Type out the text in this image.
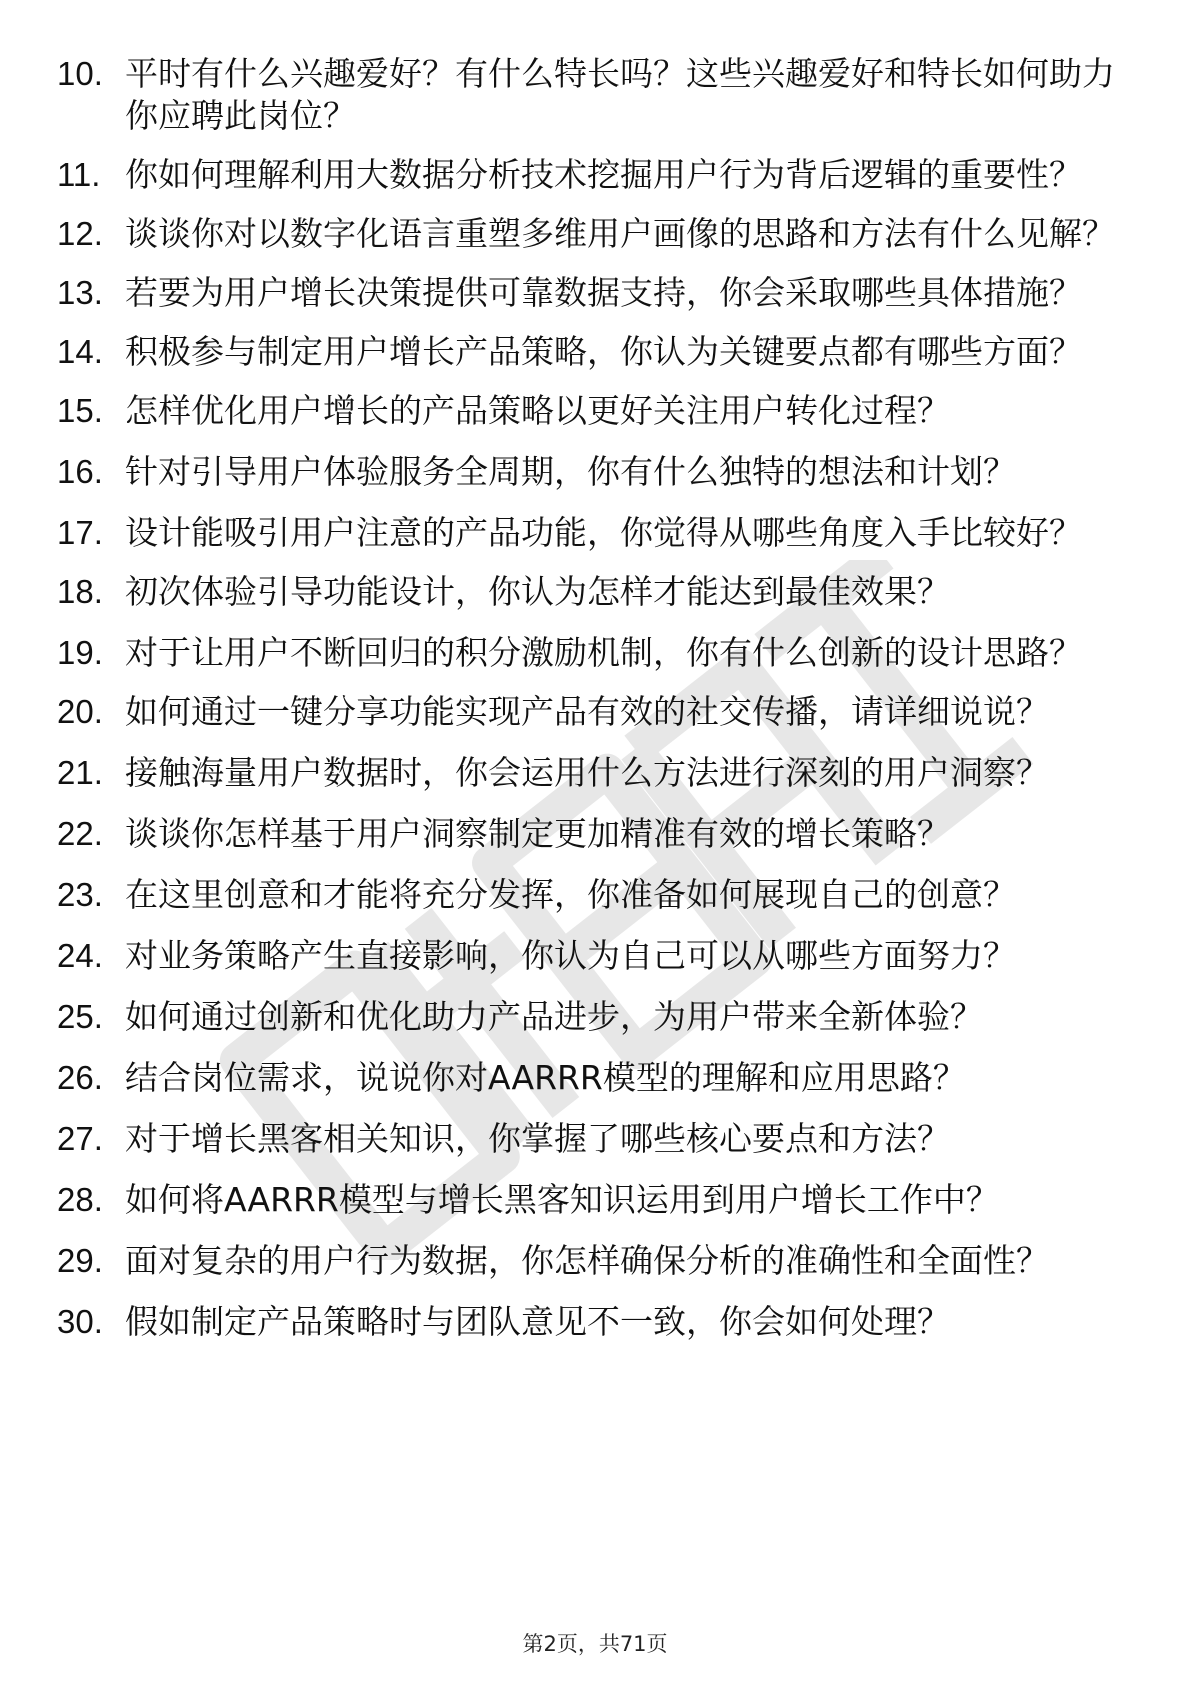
10. 平时有什么兴趣爱好？有什么特长吗？这些兴趣爱好和特长如何助力你应聘此岗位？
11. 你如何理解利用大数据分析技术挖掘用户行为背后逻辑的重要性？
12. 谈谈你对以数字化语言重塑多维用户画像的思路和方法有什么见解？
13. 若要为用户增长决策提供可靠数据支持，你会采取哪些具体措施？
14. 积极参与制定用户增长产品策略，你认为关键要点都有哪些方面？
15. 怎样优化用户增长的产品策略以更好关注用户转化过程？
16. 针对引导用户体验服务全周期，你有什么独特的想法和计划？
17. 设计能吸引用户注意的产品功能，你觉得从哪些角度入手比较好？
18. 初次体验引导功能设计，你认为怎样才能达到最佳效果？
19. 对于让用户不断回归的积分激励机制，你有什么创新的设计思路？
20. 如何通过一键分享功能实现产品有效的社交传播，请详细说说？
21. 接触海量用户数据时，你会运用什么方法进行深刻的用户洞察？
22. 谈谈你怎样基于用户洞察制定更加精准有效的增长策略？
23. 在这里创意和才能将充分发挥，你准备如何展现自己的创意？
24. 对业务策略产生直接影响，你认为自己可以从哪些方面努力？
25. 如何通过创新和优化助力产品进步，为用户带来全新体验？
26. 结合岗位需求，说说你对AARRR模型的理解和应用思路？
27. 对于增长黑客相关知识，你掌握了哪些核心要点和方法？
28. 如何将AARRR模型与增长黑客知识运用到用户增长工作中？
29. 面对复杂的用户行为数据，你怎样确保分析的准确性和全面性？
30. 假如制定产品策略时与团队意见不一致，你会如何处理？
第2页，共71页
